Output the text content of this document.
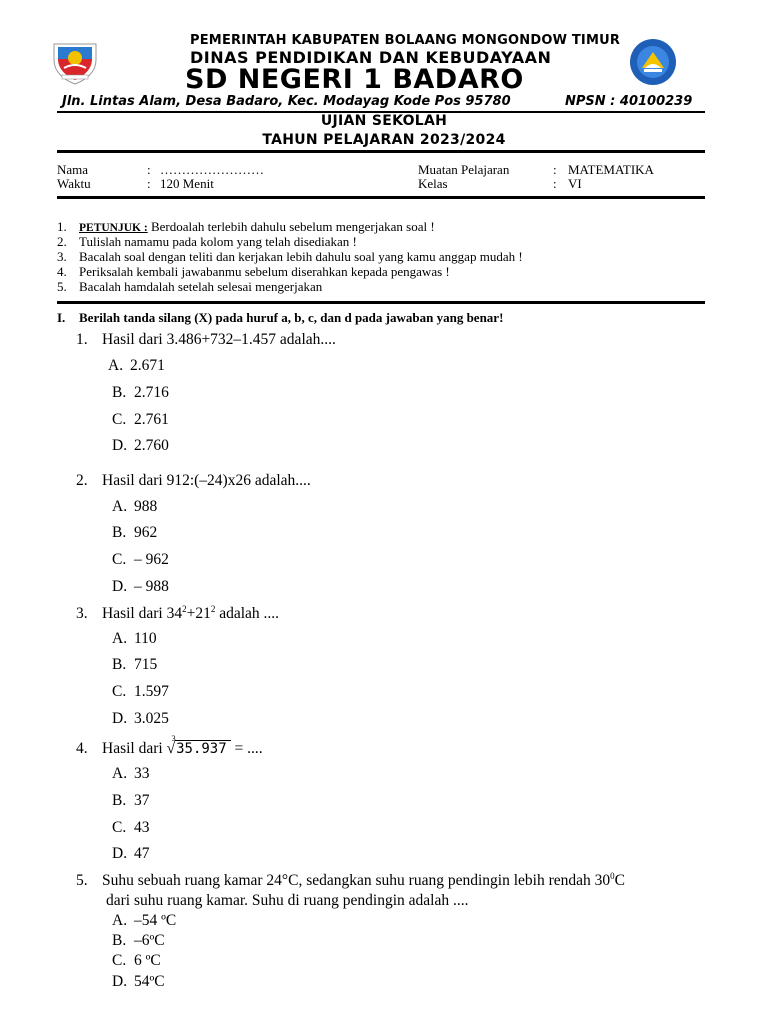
PEMERINTAH KABUPATEN BOLAANG MONGONDOW TIMUR
DINAS PENDIDIKAN DAN KEBUDAYAAN
SD NEGERI 1 BADARO
Jln. Lintas Alam, Desa Badaro, Kec. Modayag Kode Pos 95780	NPSN : 40100239
UJIAN SEKOLAH
TAHUN PELAJARAN 2023/2024
Nama	: ……………………
Waktu	: 120 Menit
Muatan Pelajaran	: MATEMATIKA
Kelas	: VI
1. PETUNJUK : Berdoalah terlebih dahulu sebelum mengerjakan soal !
2. Tulislah namamu pada kolom yang telah disediakan !
3. Bacalah soal dengan teliti dan kerjakan lebih dahulu soal yang kamu anggap mudah !
4. Periksalah kembali jawabanmu sebelum diserahkan kepada pengawas !
5. Bacalah hamdalah setelah selesai mengerjakan
I. Berilah tanda silang (X) pada huruf a, b, c, dan d pada jawaban yang benar!
1. Hasil dari 3.486+732–1.457 adalah....
A. 2.671
B. 2.716
C. 2.761
D. 2.760
2. Hasil dari 912:(–24)x26 adalah....
A. 988
B. 962
C. – 962
D. – 988
3. Hasil dari $34^2+21^2$ adalah ....
A. 110
B. 715
C. 1.597
D. 3.025
4. Hasil dari
3
√35.937 = ....
A. 33
B. 37
C. 43
D. 47
5. Suhu sebuah ruang kamar 24°C, sedangkan suhu ruang pendingin lebih rendah $30^0C$
dari suhu ruang kamar. Suhu di ruang pendingin adalah ....
A. –54 ºC
B. –6ºC
C. 6 ºC
D. 54ºC
